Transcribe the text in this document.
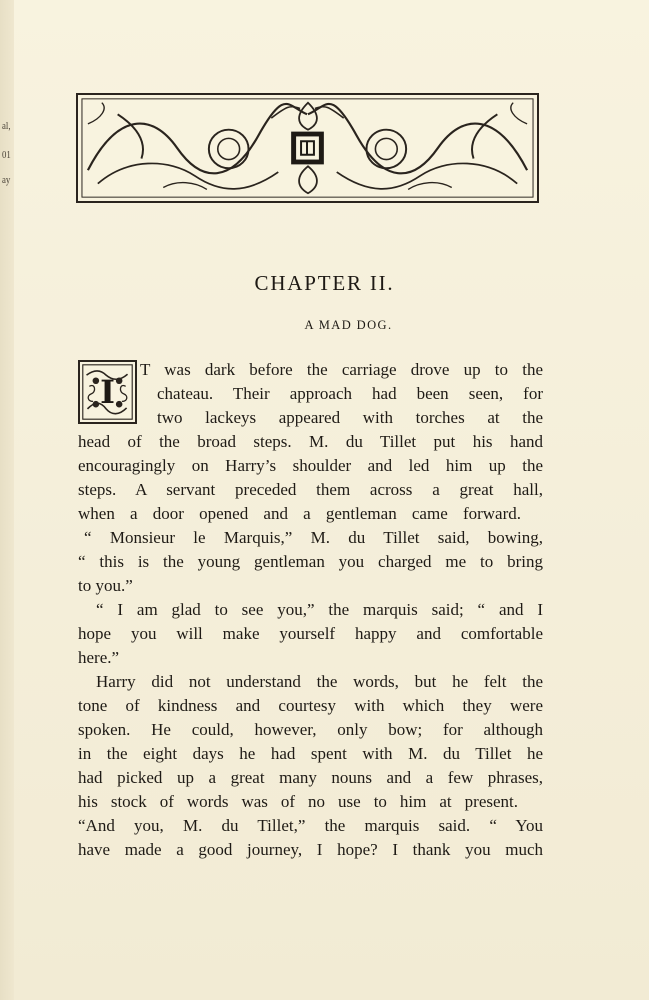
al,
01
ay
CHAPTER II.
A MAD DOG.
I
T was dark before the carriage drove up to the
chateau. Their approach had been seen, for
two lackeys appeared with torches at the
head of the broad steps. M. du Tillet put his hand
encouragingly on Harry’s shoulder and led him up the
steps. A servant preceded them across a great hall,
when a door opened and a gentleman came forward.
“ Monsieur le Marquis,” M. du Tillet said, bowing,
“ this is the young gentleman you charged me to bring
to you.”
“ I am glad to see you,” the marquis said; “ and I
hope you will make yourself happy and comfortable
here.”
Harry did not understand the words, but he felt the
tone of kindness and courtesy with which they were
spoken. He could, however, only bow; for although
in the eight days he had spent with M. du Tillet he
had picked up a great many nouns and a few phrases,
his stock of words was of no use to him at present.
“And you, M. du Tillet,” the marquis said. “ You
have made a good journey, I hope? I thank you much
